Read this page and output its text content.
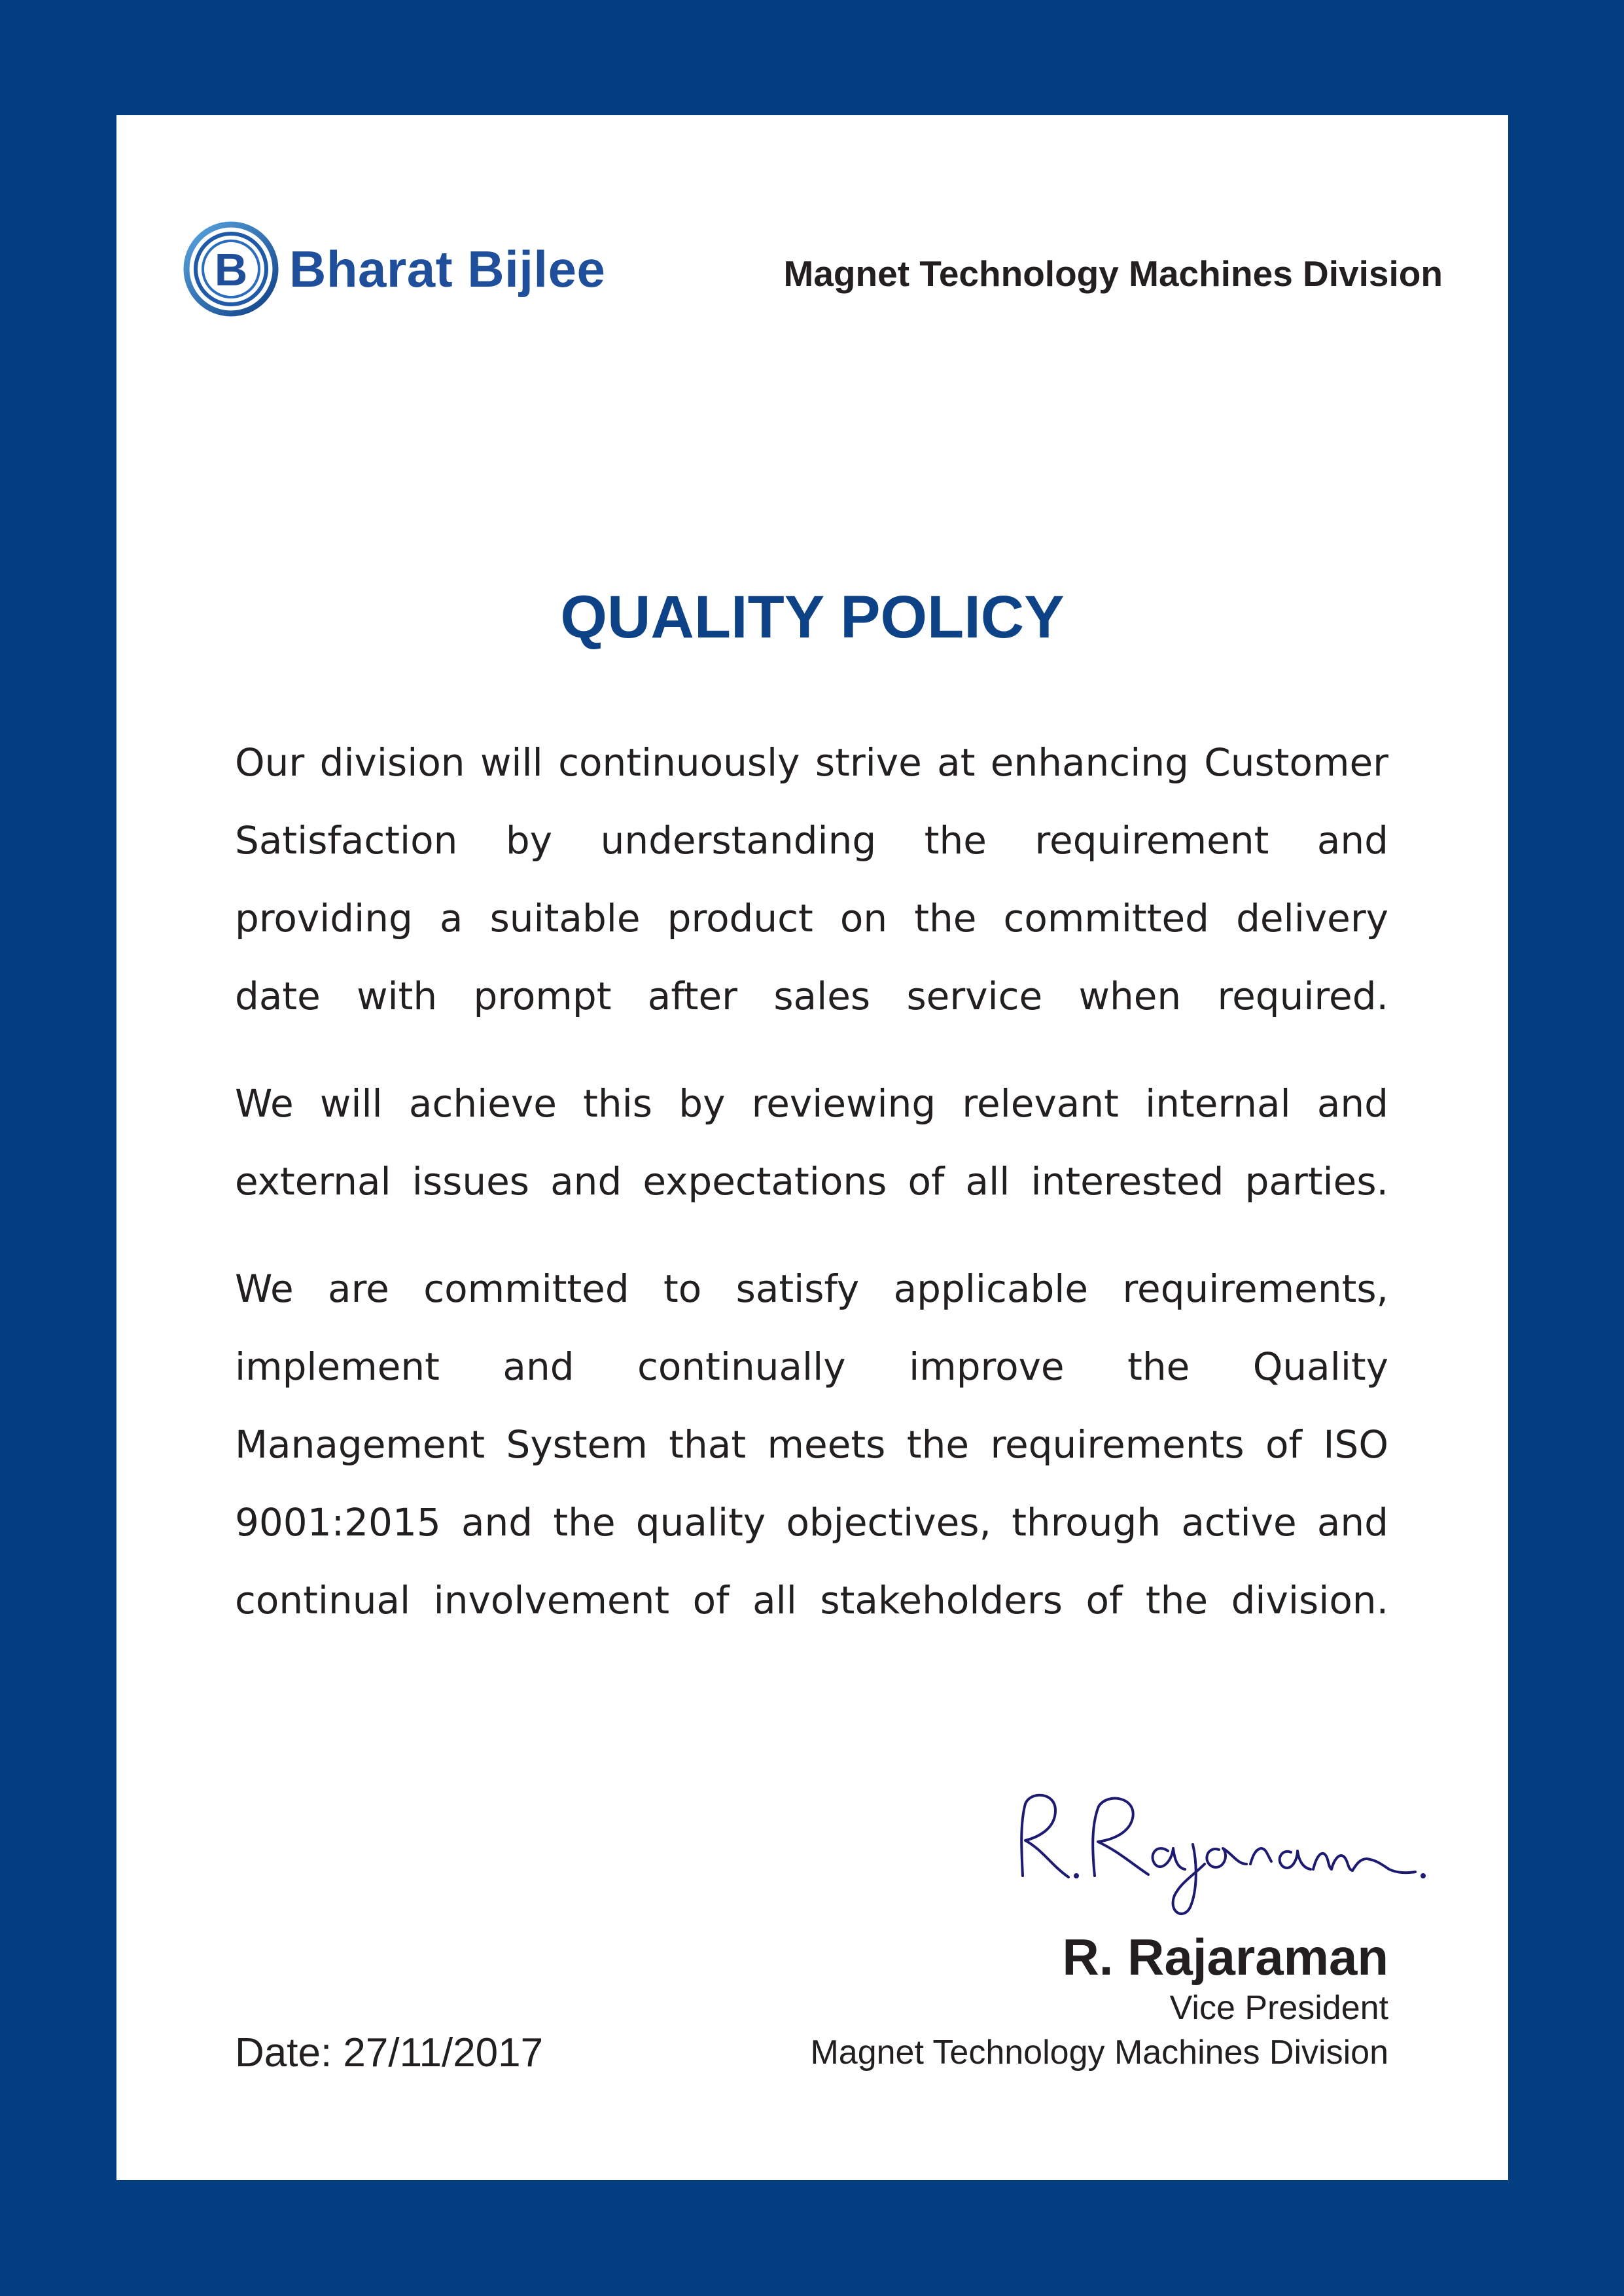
B Bharat Bijlee	Magnet Technology Machines Division
QUALITY POLICY

Our division will continuously strive at enhancing Customer
Satisfaction by understanding the requirement and
providing a suitable product on the committed delivery
date with prompt after sales service when required.

We will achieve this by reviewing relevant internal and
external issues and expectations of all interested parties.

We are committed to satisfy applicable requirements,
implement and continually improve the Quality
Management System that meets the requirements of ISO
9001:2015 and the quality objectives, through active and
continual involvement of all stakeholders of the division.

R. Rajaraman
Vice President
Magnet Technology Machines Division
Date: 27/11/2017
